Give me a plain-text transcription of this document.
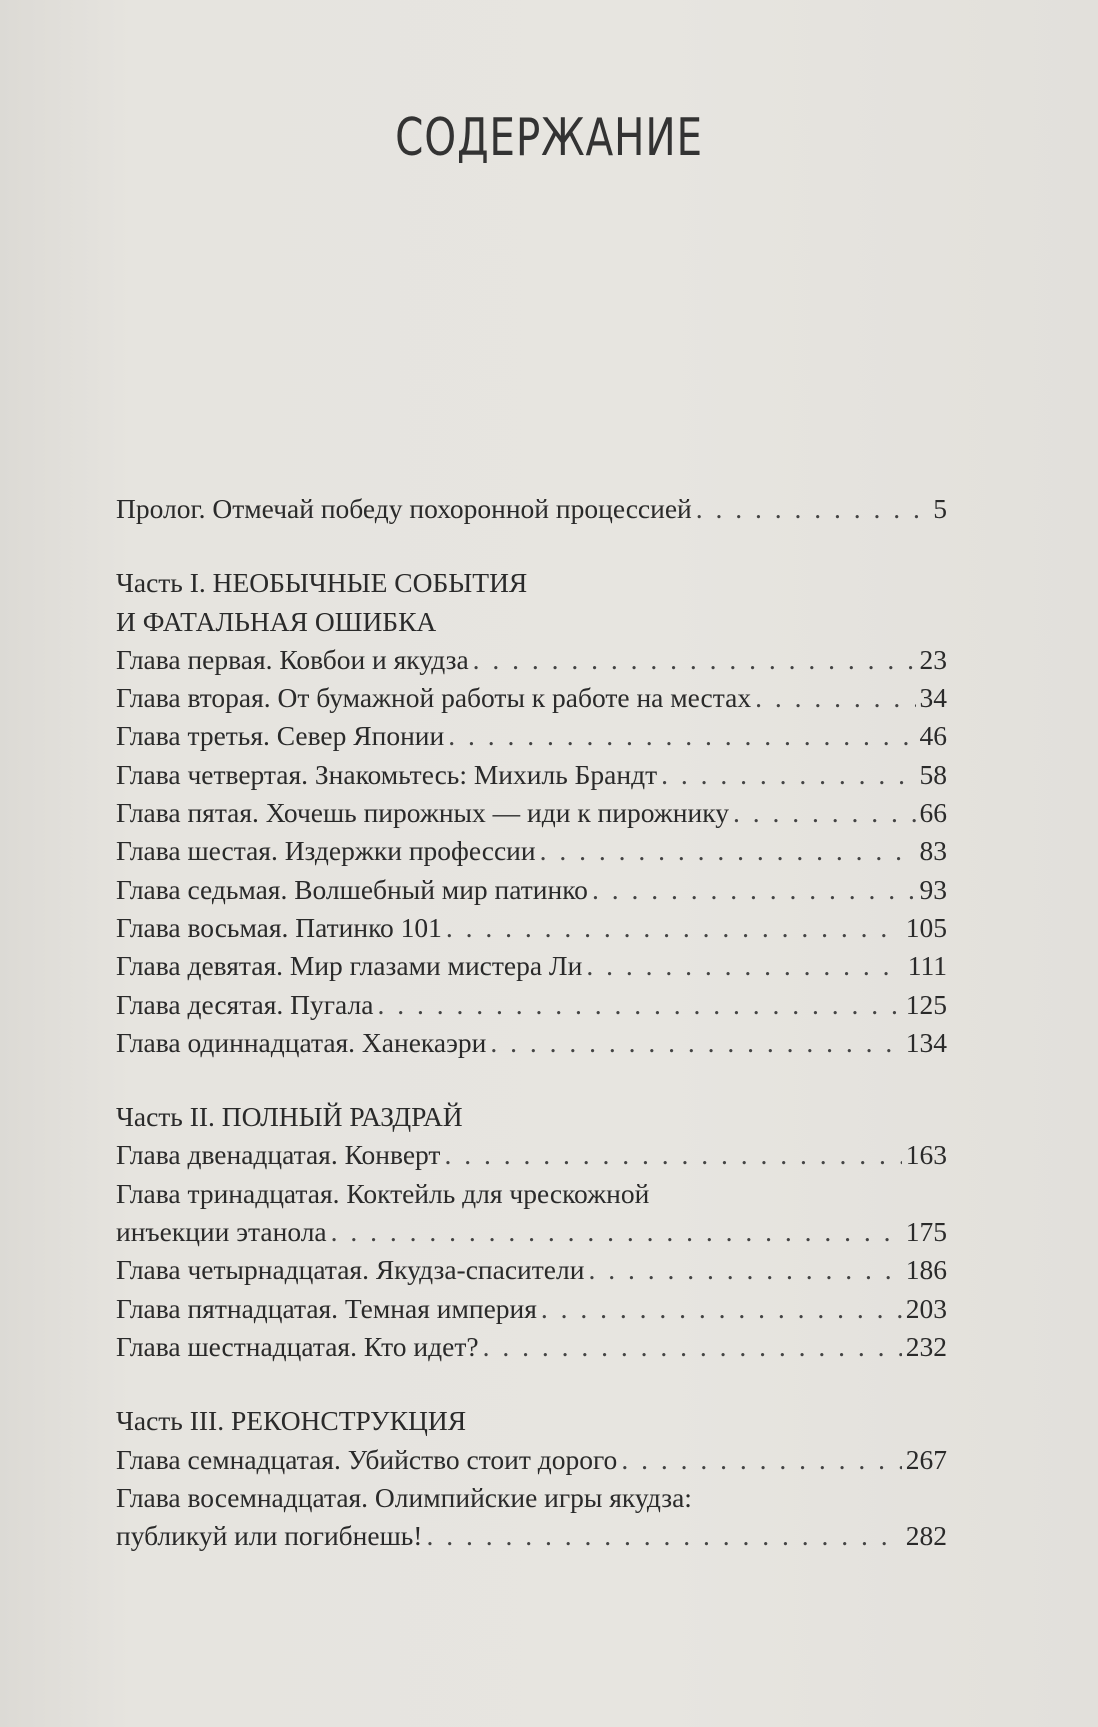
СОДЕРЖАНИЕ
Пролог. Отмечай победу похоронной процессией . . .	5
Часть I. НЕОБЫЧНЫЕ СОБЫТИЯ
И ФАТАЛЬНАЯ ОШИБКА
Глава первая. Ковбои и якудза . . .	23
Глава вторая. От бумажной работы к работе на местах . . .	34
Глава третья. Север Японии . . .	46
Глава четвертая. Знакомьтесь: Михиль Брандт . . .	58
Глава пятая. Хочешь пирожных — иди к пирожнику . . .	66
Глава шестая. Издержки профессии . . .	83
Глава седьмая. Волшебный мир патинко . . .	93
Глава восьмая. Патинко 101 . . .	105
Глава девятая. Мир глазами мистера Ли . . .	111
Глава десятая. Пугала . . .	125
Глава одиннадцатая. Ханекаэри . . .	134
Часть II. ПОЛНЫЙ РАЗДРАЙ
Глава двенадцатая. Конверт . . .	163
Глава тринадцатая. Коктейль для чрескожной
инъекции этанола . . .	175
Глава четырнадцатая. Якудза-спасители . . .	186
Глава пятнадцатая. Темная империя . . .	203
Глава шестнадцатая. Кто идет? . . .	232
Часть III. РЕКОНСТРУКЦИЯ
Глава семнадцатая. Убийство стоит дорого . . .	267
Глава восемнадцатая. Олимпийские игры якудза:
публикуй или погибнешь! . . .	282
